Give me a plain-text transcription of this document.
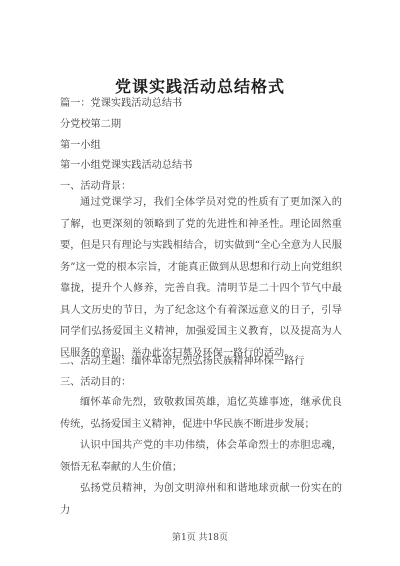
党课实践活动总结格式
篇一：党课实践活动总结书
分党校第二期
第一小组
第一小组党课实践活动总结书
一、活动背景：
通过党课学习，我们全体学员对党的性质有了更加深入的了解，也更深刻的领略到了党的先进性和神圣性。理论固然重要，但是只有理论与实践相结合，切实做到“全心全意为人民服务”这一党的根本宗旨，才能真正做到从思想和行动上向党组织靠拢，提升个人修养，完善自我。清明节是二十四个节气中最具人文历史的节日，为了纪念这个有着深远意义的日子，引导同学们弘扬爱国主义精神，加强爱国主义教育，以及提高为人民服务的意识，举办此次扫墓及环保一路行的活动。
二、活动主题：缅怀革命先烈弘扬民族精神环保一路行
三、活动目的：
缅怀革命先烈，致敬救国英雄，追忆英雄事迹，继承优良传统，弘扬爱国主义精神，促进中华民族不断进步发展；
认识中国共产党的丰功伟绩，体会革命烈士的赤胆忠魂，领悟无私奉献的人生价值；
弘扬党员精神，为创文明漳州和和谐地球贡献一份实在的力
第1页 共18页
